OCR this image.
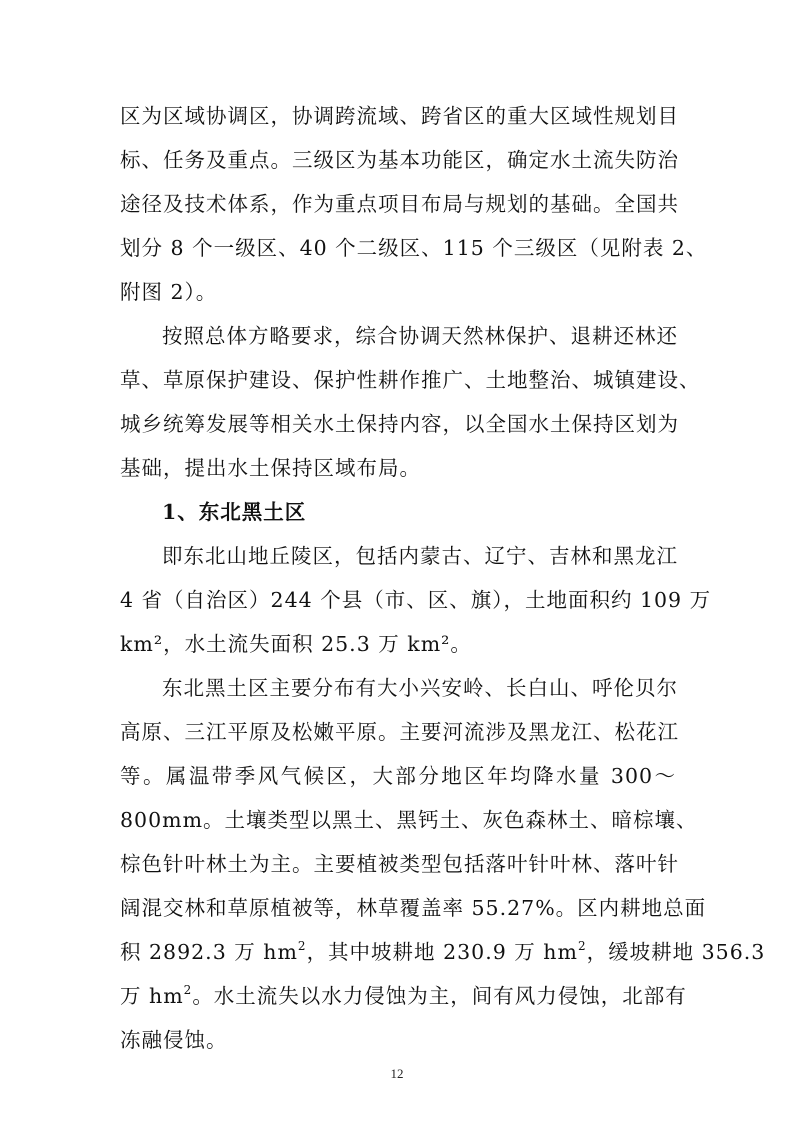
区为区域协调区，协调跨流域、跨省区的重大区域性规划目
标、任务及重点。三级区为基本功能区，确定水土流失防治
途径及技术体系，作为重点项目布局与规划的基础。全国共
划分 8 个一级区、40 个二级区、115 个三级区（见附表 2、
附图 2）。
按照总体方略要求，综合协调天然林保护、退耕还林还
草、草原保护建设、保护性耕作推广、土地整治、城镇建设、
城乡统筹发展等相关水土保持内容，以全国水土保持区划为
基础，提出水土保持区域布局。
1、东北黑土区
即东北山地丘陵区，包括内蒙古、辽宁、吉林和黑龙江
4 省（自治区）244 个县（市、区、旗），土地面积约 109 万
km²，水土流失面积 25.3 万 km²。
东北黑土区主要分布有大小兴安岭、长白山、呼伦贝尔
高原、三江平原及松嫩平原。主要河流涉及黑龙江、松花江
等。属温带季风气候区，大部分地区年均降水量 300～
800mm。土壤类型以黑土、黑钙土、灰色森林土、暗棕壤、
棕色针叶林土为主。主要植被类型包括落叶针叶林、落叶针
阔混交林和草原植被等，林草覆盖率 55.27%。区内耕地总面
积 2892.3 万 $hm^2$，其中坡耕地 230.9 万 $hm^2$，缓坡耕地 356.3
万 $hm^2$。水土流失以水力侵蚀为主，间有风力侵蚀，北部有
冻融侵蚀。
12
